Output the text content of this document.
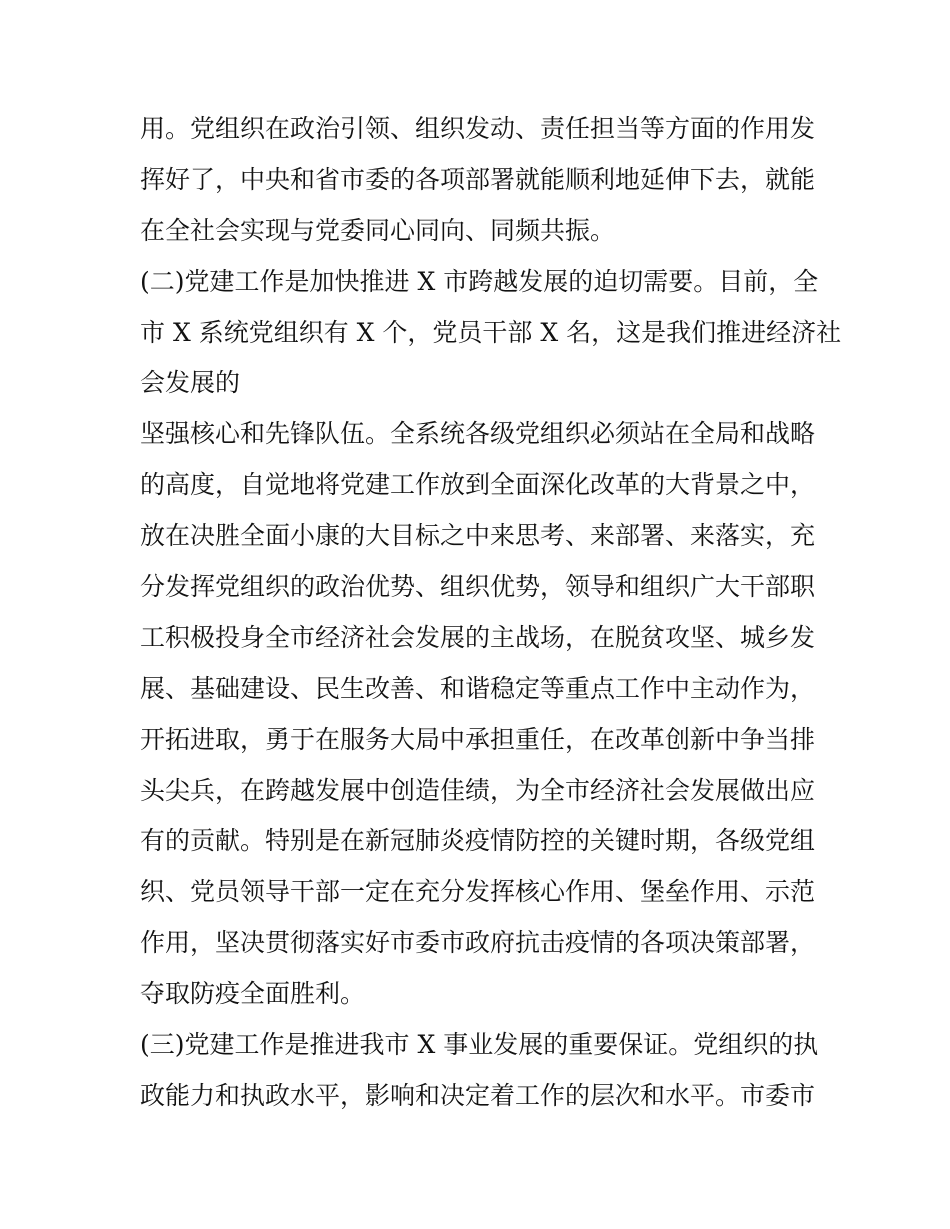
用。党组织在政治引领、组织发动、责任担当等方面的作用发
挥好了，中央和省市委的各项部署就能顺利地延伸下去，就能
在全社会实现与党委同心同向、同频共振。
(二)党建工作是加快推进 X 市跨越发展的迫切需要。目前，全
市 X 系统党组织有 X 个，党员干部 X 名，这是我们推进经济社
会发展的
坚强核心和先锋队伍。全系统各级党组织必须站在全局和战略
的高度，自觉地将党建工作放到全面深化改革的大背景之中，
放在决胜全面小康的大目标之中来思考、来部署、来落实，充
分发挥党组织的政治优势、组织优势，领导和组织广大干部职
工积极投身全市经济社会发展的主战场，在脱贫攻坚、城乡发
展、基础建设、民生改善、和谐稳定等重点工作中主动作为，
开拓进取，勇于在服务大局中承担重任，在改革创新中争当排
头尖兵，在跨越发展中创造佳绩，为全市经济社会发展做出应
有的贡献。特别是在新冠肺炎疫情防控的关键时期，各级党组
织、党员领导干部一定在充分发挥核心作用、堡垒作用、示范
作用，坚决贯彻落实好市委市政府抗击疫情的各项决策部署，
夺取防疫全面胜利。
(三)党建工作是推进我市 X 事业发展的重要保证。党组织的执
政能力和执政水平，影响和决定着工作的层次和水平。市委市
